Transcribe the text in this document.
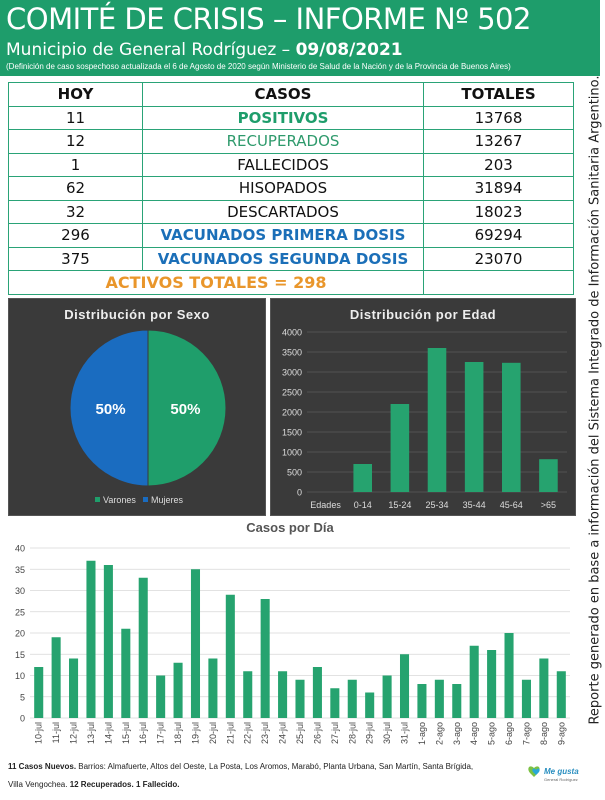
COMITÉ DE CRISIS – INFORME Nº 502
Municipio de General Rodríguez – 09/08/2021
(Definición de caso sospechoso actualizada el 6 de Agosto de 2020 según Ministerio de Salud de la Nación y de la Provincia de Buenos Aires)
HOY	CASOS	TOTALES
11	POSITIVOS	13768
12	RECUPERADOS	13267
1	FALLECIDOS	203
62	HISOPADOS	31894
32	DESCARTADOS	18023
296	VACUNADOS PRIMERA DOSIS	69294
375	VACUNADOS SEGUNDA DOSIS	23070
ACTIVOS TOTALES = 298		
Distribución por Sexo
50%
50%
Varones Mujeres
Distribución por Edad
0
500
1000
1500
2000
2500
3000
3500
4000
Edades 0-14 15-24 25-34 35-44 45-64 >65
Casos por Día
0
5
10
15
20
25
30
35
40
10-jul 11-jul 12-jul 13-jul 14-jul 15-jul 16-jul 17-jul 18-jul 19-jul 20-jul 21-jul 22-jul 23-jul 24-jul 25-jul 26-jul 27-jul 28-jul 29-jul 30-jul 31-jul 1-ago 2-ago 3-ago 4-ago 5-ago 6-ago 7-ago 8-ago 9-ago
Reporte generado en base a información del Sistema Integrado de Información Sanitaria Argentino.
11 Casos Nuevos. Barrios: Almafuerte, Altos del Oeste, La Posta, Los Aromos, Marabó, Planta Urbana, San Martín, Santa Brígida,
Villa Vengochea. 12 Recuperados. 1 Fallecido.
Me gusta
General Rodríguez
